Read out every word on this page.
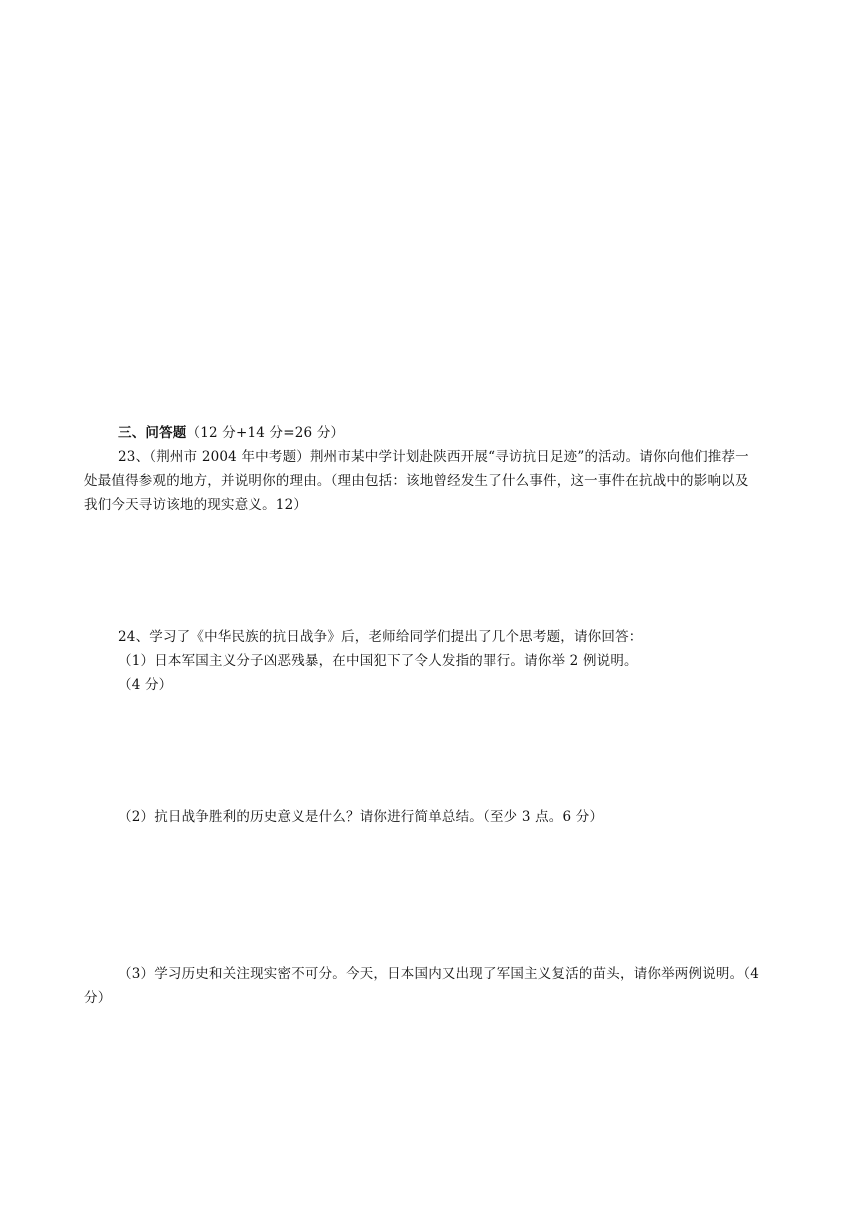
三、问答题（12 分+14 分=26 分）
23、（荆州市 2004 年中考题）荆州市某中学计划赴陕西开展“寻访抗日足迹”的活动。请你向他们推荐一
处最值得参观的地方，并说明你的理由。（理由包括：该地曾经发生了什么事件，这一事件在抗战中的影响以及
我们今天寻访该地的现实意义。12）
24、学习了《中华民族的抗日战争》后，老师给同学们提出了几个思考题，请你回答：
（1）日本军国主义分子凶恶残暴，在中国犯下了令人发指的罪行。请你举 2 例说明。
（4 分）
（2）抗日战争胜利的历史意义是什么？请你进行简单总结。（至少 3 点。6 分）
（3）学习历史和关注现实密不可分。今天，日本国内又出现了军国主义复活的苗头，请你举两例说明。（4
分）
